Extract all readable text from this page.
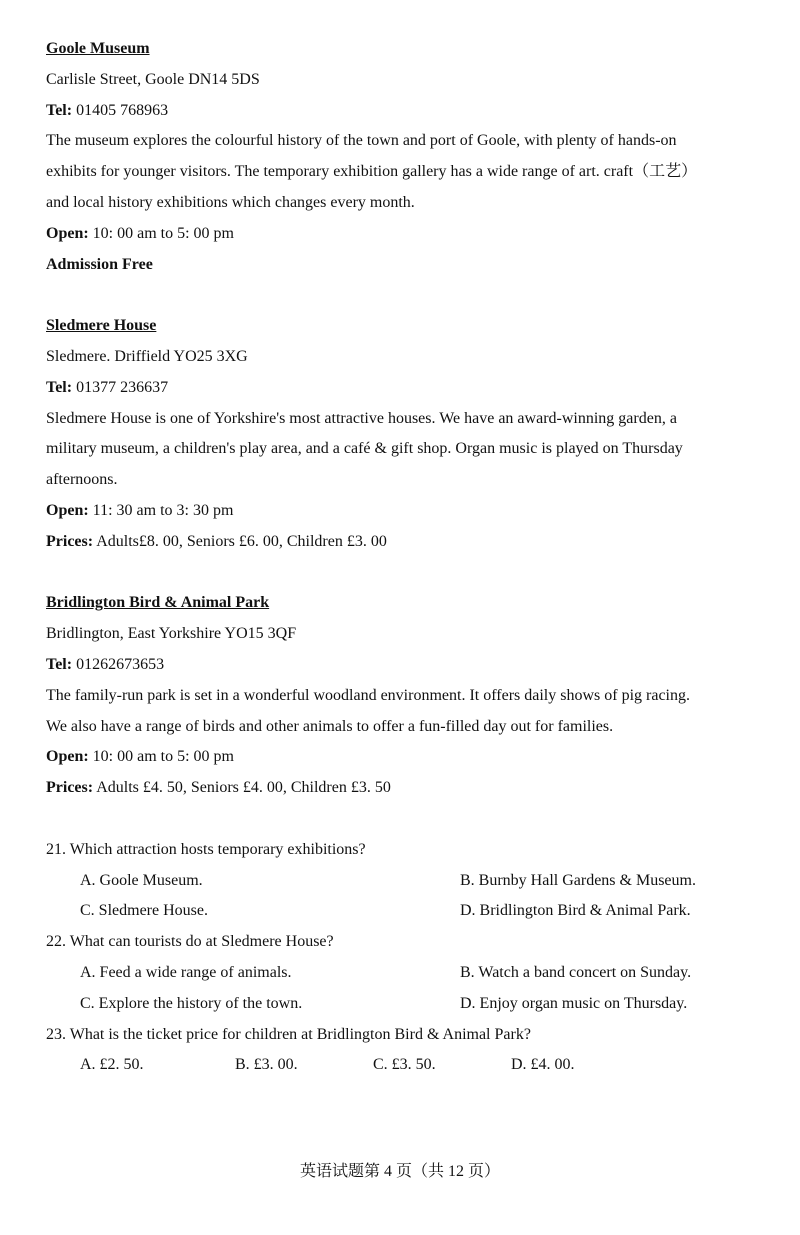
Goole Museum
Carlisle Street, Goole DN14 5DS
Tel: 01405 768963
The museum explores the colourful history of the town and port of Goole, with plenty of hands-on
exhibits for younger visitors. The temporary exhibition gallery has a wide range of art. craft（工艺）
and local history exhibitions which changes every month.
Open: 10: 00 am to 5: 00 pm
Admission Free
Sledmere House
Sledmere. Driffield YO25 3XG
Tel: 01377 236637
Sledmere House is one of Yorkshire's most attractive houses. We have an award-winning garden, a
military museum, a children's play area, and a café & gift shop. Organ music is played on Thursday
afternoons.
Open: 11: 30 am to 3: 30 pm
Prices: Adults£8. 00, Seniors £6. 00, Children £3. 00
Bridlington Bird & Animal Park
Bridlington, East Yorkshire YO15 3QF
Tel: 01262673653
The family-run park is set in a wonderful woodland environment. It offers daily shows of pig racing.
We also have a range of birds and other animals to offer a fun-filled day out for families.
Open: 10: 00 am to 5: 00 pm
Prices: Adults £4. 50, Seniors £4. 00, Children £3. 50
21. Which attraction hosts temporary exhibitions?
A. Goole Museum.	B. Burnby Hall Gardens & Museum.
C. Sledmere House.	D. Bridlington Bird & Animal Park.
22. What can tourists do at Sledmere House?
A. Feed a wide range of animals.	B. Watch a band concert on Sunday.
C. Explore the history of the town.	D. Enjoy organ music on Thursday.
23. What is the ticket price for children at Bridlington Bird & Animal Park?
A. £2. 50.	B. £3. 00.	C. £3. 50.	D. £4. 00.
英语试题第 4 页（共 12 页）
